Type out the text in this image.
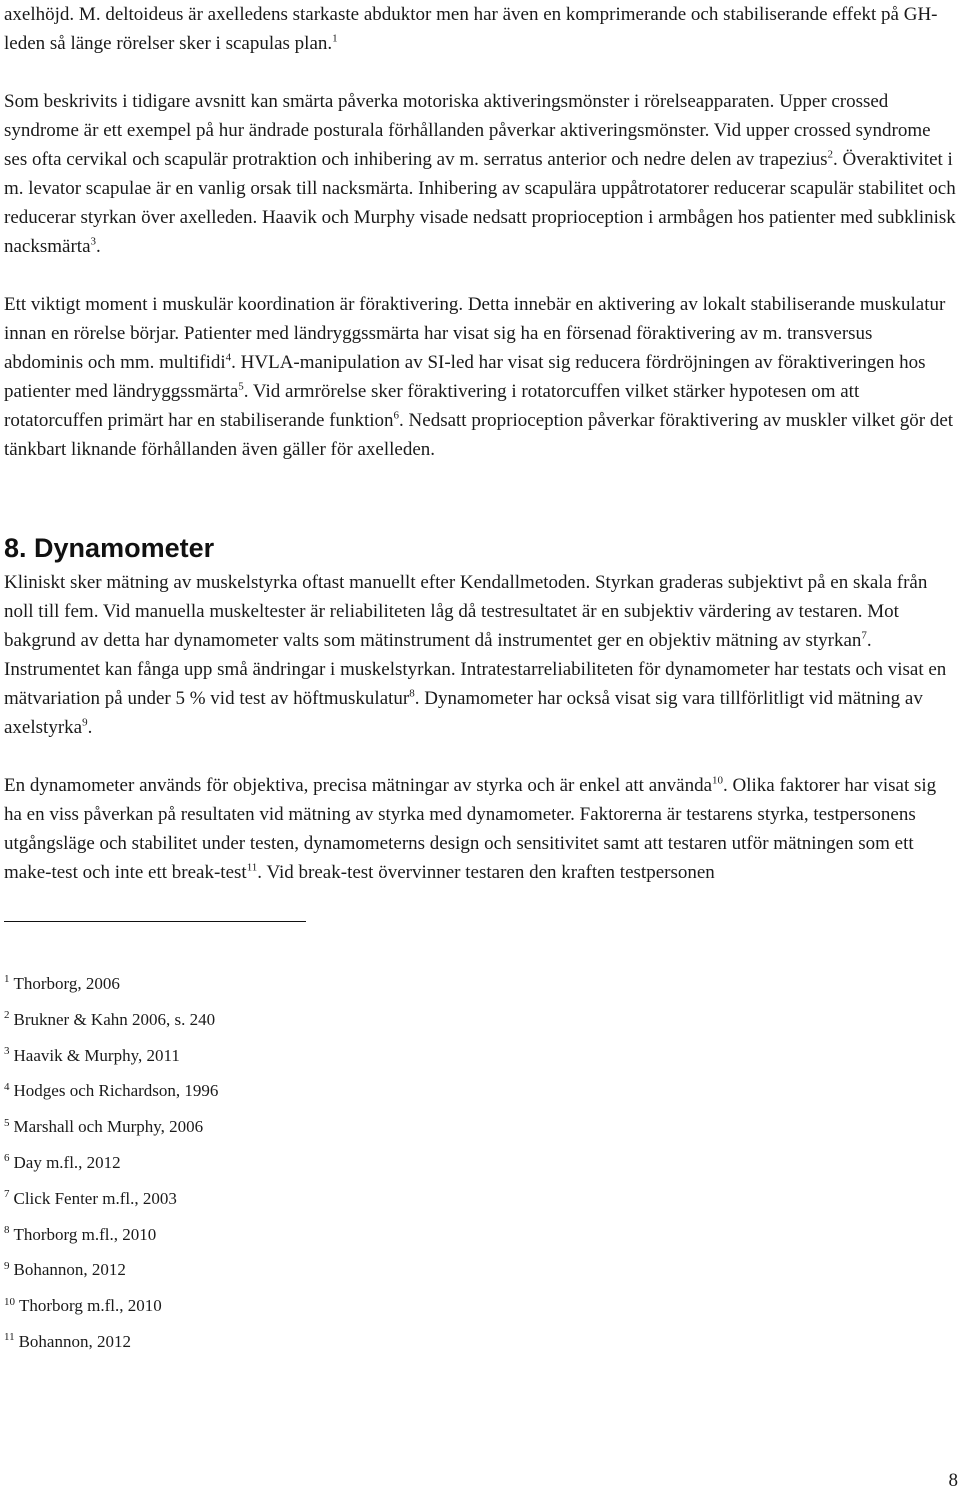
axelhöjd. M. deltoideus är axelledens starkaste abduktor men har även en komprimerande och stabiliserande effekt på GH-leden så länge rörelser sker i scapulas plan.$^1$

Som beskrivits i tidigare avsnitt kan smärta påverka motoriska aktiveringsmönster i rörelseapparaten. Upper crossed syndrome är ett exempel på hur ändrade posturala förhållanden påverkar aktiveringsmönster. Vid upper crossed syndrome ses ofta cervikal och scapulär protraktion och inhibering av m. serratus anterior och nedre delen av trapezius$^2$. Överaktivitet i m. levator scapulae är en vanlig orsak till nacksmärta. Inhibering av scapulära uppåtrotatorer reducerar scapulär stabilitet och reducerar styrkan över axelleden. Haavik och Murphy visade nedsatt proprioception i armbågen hos patienter med subklinisk nacksmärta$^3$.

Ett viktigt moment i muskulär koordination är föraktivering. Detta innebär en aktivering av lokalt stabiliserande muskulatur innan en rörelse börjar. Patienter med ländryggssmärta har visat sig ha en försenad föraktivering av m. transversus abdominis och mm. multifidi$^4$. HVLA-manipulation av SI-led har visat sig reducera fördröjningen av föraktiveringen hos patienter med ländryggssmärta$^5$. Vid armrörelse sker föraktivering i rotatorcuffen vilket stärker hypotesen om att rotatorcuffen primärt har en stabiliserande funktion$^6$. Nedsatt proprioception påverkar föraktivering av muskler vilket gör det tänkbart liknande förhållanden även gäller för axelleden.

8. Dynamometer

Kliniskt sker mätning av muskelstyrka oftast manuellt efter Kendallmetoden. Styrkan graderas subjektivt på en skala från noll till fem. Vid manuella muskeltester är reliabiliteten låg då testresultatet är en subjektiv värdering av testaren. Mot bakgrund av detta har dynamometer valts som mätinstrument då instrumentet ger en objektiv mätning av styrkan$^7$. Instrumentet kan fånga upp små ändringar i muskelstyrkan. Intratestarreliabiliteten för dynamometer har testats och visat en mätvariation på under 5 % vid test av höftmuskulatur$^8$. Dynamometer har också visat sig vara tillförlitligt vid mätning av axelstyrka$^9$.

En dynamometer används för objektiva, precisa mätningar av styrka och är enkel att använda$^{10}$. Olika faktorer har visat sig ha en viss påverkan på resultaten vid mätning av styrka med dynamometer. Faktorerna är testarens styrka, testpersonens utgångsläge och stabilitet under testen, dynamometerns design och sensitivitet samt att testaren utför mätningen som ett make-test och inte ett break-test$^{11}$. Vid break-test övervinner testaren den kraften testpersonen

$^1$ Thorborg, 2006
$^2$ Brukner & Kahn 2006, s. 240
$^3$ Haavik & Murphy, 2011
$^4$ Hodges och Richardson, 1996
$^5$ Marshall och Murphy, 2006
$^6$ Day m.fl., 2012
$^7$ Click Fenter m.fl., 2003
$^8$ Thorborg m.fl., 2010
$^9$ Bohannon, 2012
$^{10}$ Thorborg m.fl., 2010
$^{11}$ Bohannon, 2012
8
